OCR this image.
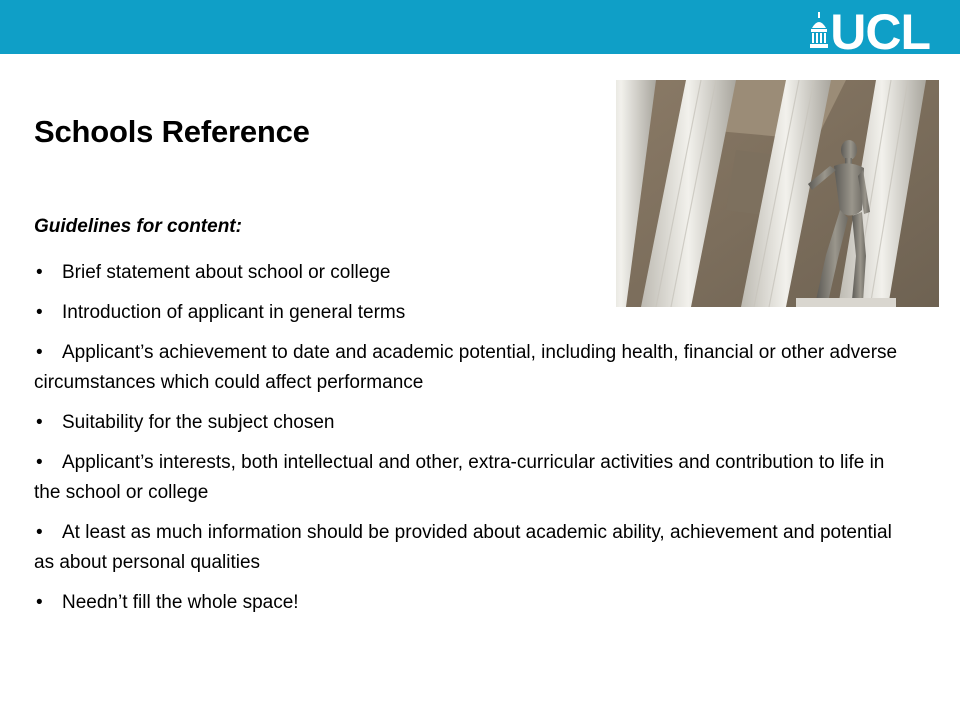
UCL
Schools Reference

Guidelines for content:

• Brief statement about school or college
• Introduction of applicant in general terms
• Applicant’s achievement to date and academic potential, including health, financial or other adverse circumstances which could affect performance
• Suitability for the subject chosen
• Applicant’s interests, both intellectual and other, extra-curricular activities and contribution to life in the school or college
• At least as much information should be provided about academic ability, achievement and potential as about personal qualities
• Needn’t fill the whole space!
